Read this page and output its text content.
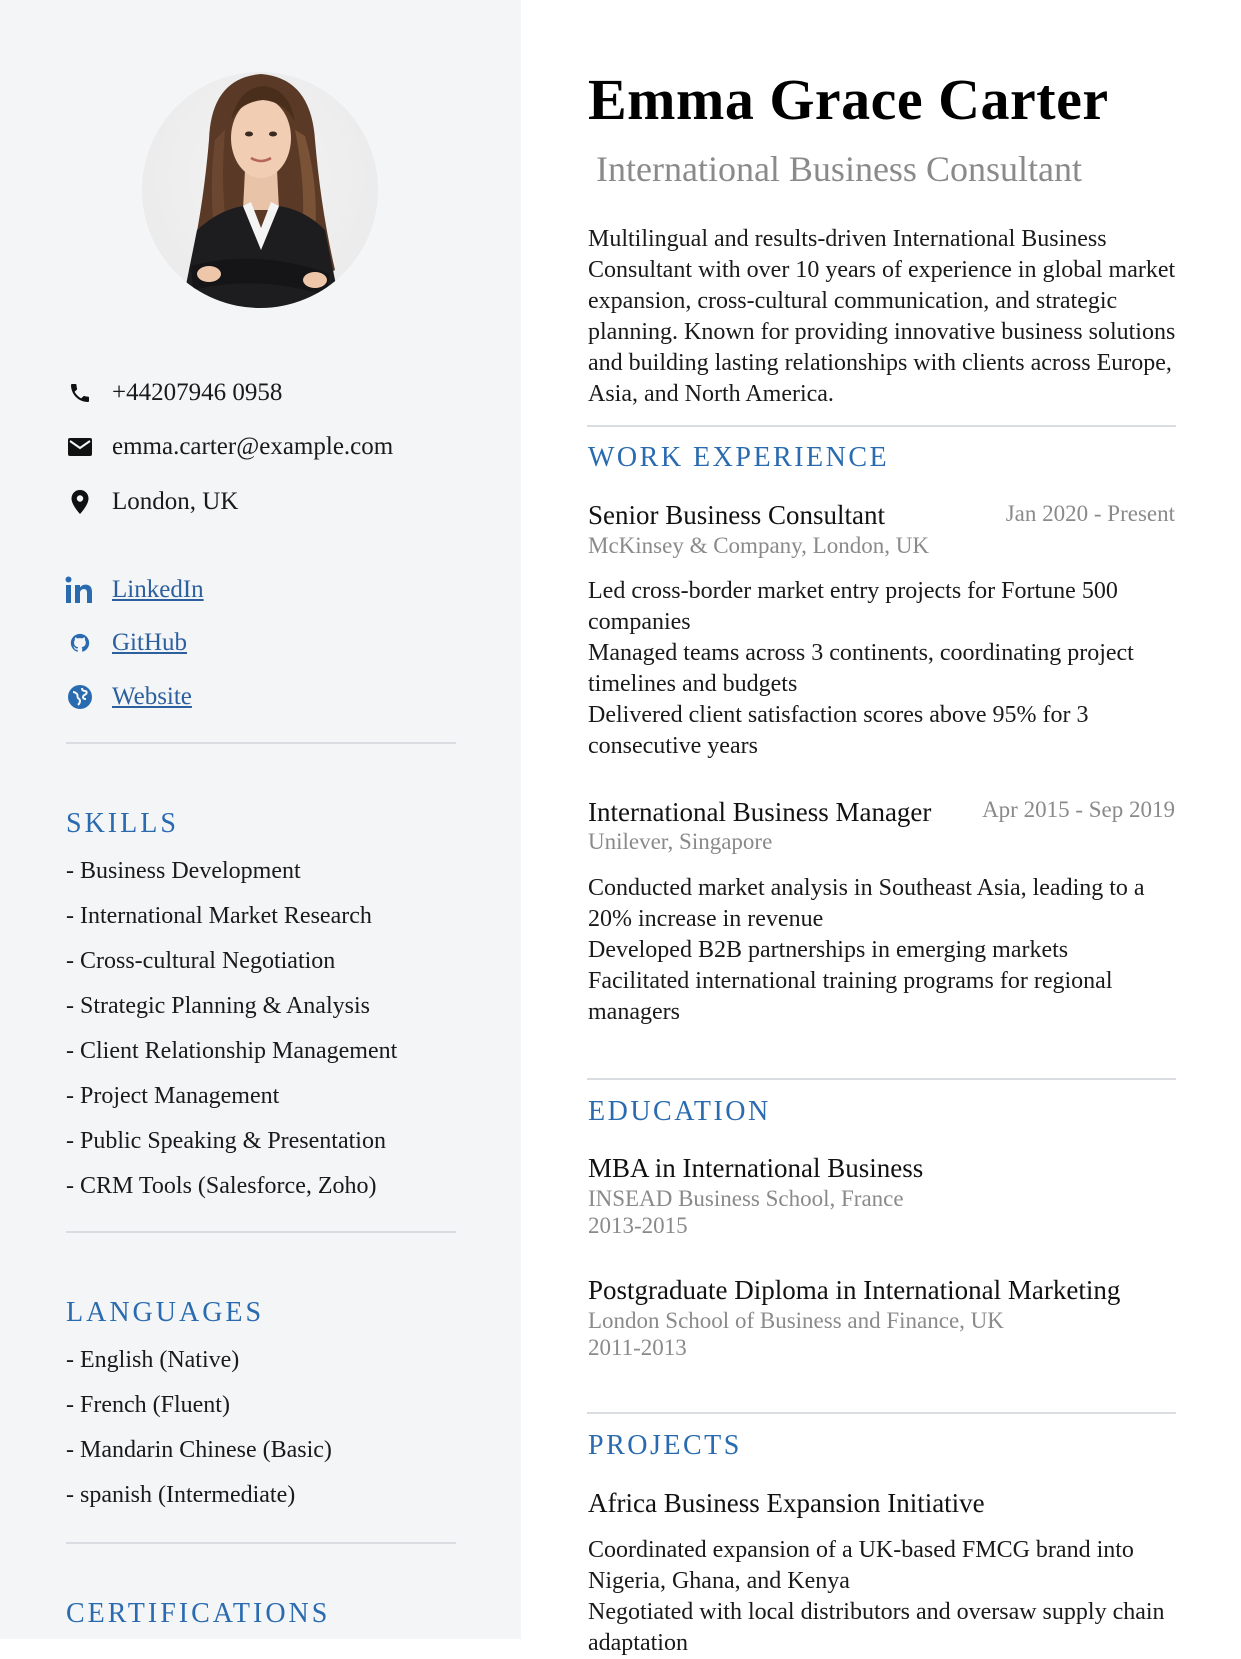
+44207946 0958
emma.carter@example.com
London, UK
LinkedIn
GitHub
Website
SKILLS
- Business Development
- International Market Research
- Cross-cultural Negotiation
- Strategic Planning & Analysis
- Client Relationship Management
- Project Management
- Public Speaking & Presentation
- CRM Tools (Salesforce, Zoho)
LANGUAGES
- English (Native)
- French (Fluent)
- Mandarin Chinese (Basic)
- spanish (Intermediate)
CERTIFICATIONS
Emma Grace Carter
International Business Consultant
Multilingual and results-driven International Business Consultant with over 10 years of experience in global market expansion, cross-cultural communication, and strategic planning. Known for providing innovative business solutions and building lasting relationships with clients across Europe, Asia, and North America.
WORK EXPERIENCE
Senior Business Consultant	Jan 2020 - Present
McKinsey & Company, London, UK
Led cross-border market entry projects for Fortune 500 companies
Managed teams across 3 continents, coordinating project timelines and budgets
Delivered client satisfaction scores above 95% for 3 consecutive years
International Business Manager Apr 2015 - Sep 2019
Unilever, Singapore
Conducted market analysis in Southeast Asia, leading to a 20% increase in revenue
Developed B2B partnerships in emerging markets
Facilitated international training programs for regional managers
EDUCATION
MBA in International Business
INSEAD Business School, France
2013-2015
Postgraduate Diploma in International Marketing
London School of Business and Finance, UK
2011-2013
PROJECTS
Africa Business Expansion Initiative
Coordinated expansion of a UK-based FMCG brand into Nigeria, Ghana, and Kenya
Negotiated with local distributors and oversaw supply chain adaptation
